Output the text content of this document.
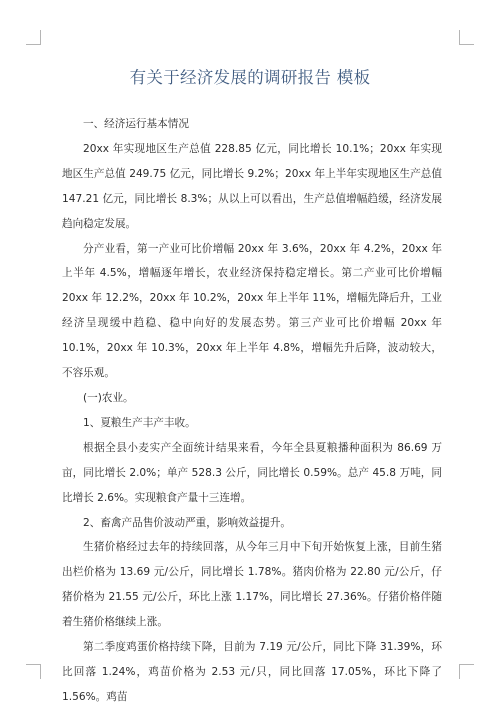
有关于经济发展的调研报告 模板

一、经济运行基本情况

20xx 年实现地区生产总值 228.85 亿元，同比增长 10.1%；20xx 年实现地区生产总值 249.75 亿元，同比增长 9.2%；20xx 年上半年实现地区生产总值 147.21 亿元，同比增长 8.3%；从以上可以看出，生产总值增幅趋缓，经济发展趋向稳定发展。

分产业看，第一产业可比价增幅 20xx 年 3.6%，20xx 年 4.2%，20xx 年上半年 4.5%，增幅逐年增长，农业经济保持稳定增长。第二产业可比价增幅 20xx 年 12.2%，20xx 年 10.2%，20xx 年上半年 11%，增幅先降后升，工业经济呈现缓中趋稳、稳中向好的发展态势。第三产业可比价增幅 20xx 年 10.1%，20xx 年 10.3%，20xx 年上半年 4.8%，增幅先升后降，波动较大，不容乐观。

(一)农业。

1、夏粮生产丰产丰收。

根据全县小麦实产全面统计结果来看，今年全县夏粮播种面积为 86.69 万亩，同比增长 2.0%；单产 528.3 公斤，同比增长 0.59%。总产 45.8 万吨，同比增长 2.6%。实现粮食产量十三连增。

2、畜禽产品售价波动严重，影响效益提升。

生猪价格经过去年的持续回落，从今年三月中下旬开始恢复上涨，目前生猪出栏价格为 13.69 元/公斤，同比增长 1.78%。猪肉价格为 22.80 元/公斤，仔猪价格为 21.55 元/公斤，环比上涨 1.17%，同比增长 27.36%。仔猪价格伴随着生猪价格继续上涨。

第二季度鸡蛋价格持续下降，目前为 7.19 元/公斤，同比下降 31.39%，环比回落 1.24%，鸡苗价格为 2.53 元/只，同比回落 17.05%，环比下降了 1.56%。鸡苗
